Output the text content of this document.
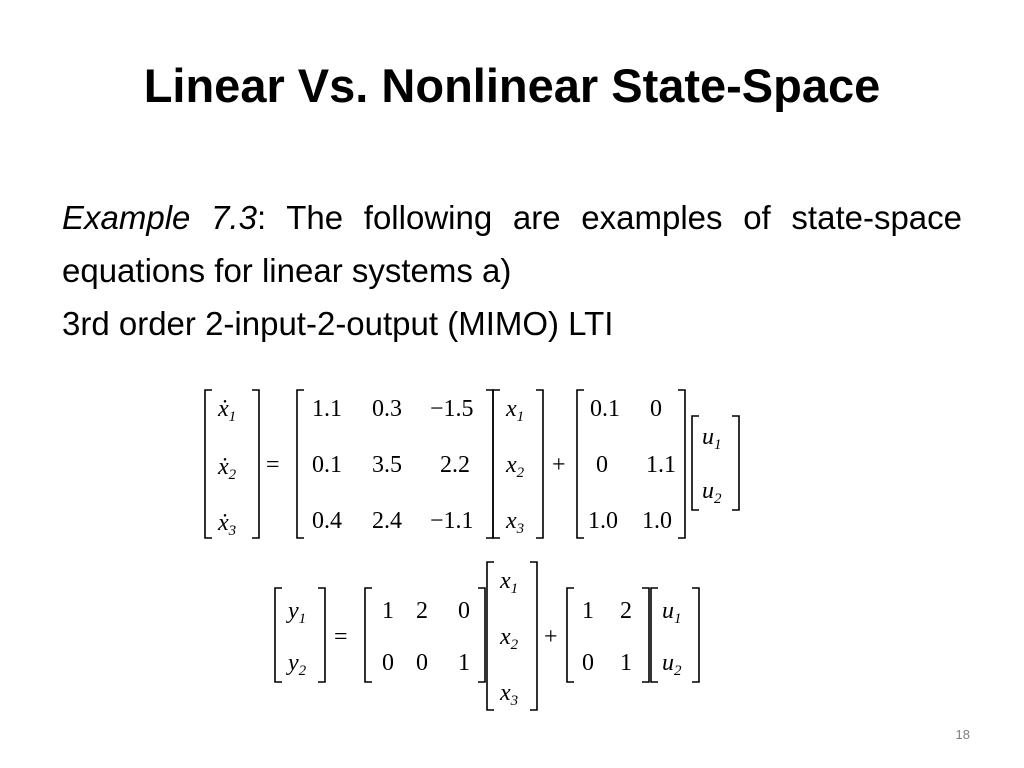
Linear Vs. Nonlinear State-Space
Example 7.3: The following are examples of state-space equations for linear systems a)
3rd order 2-input-2-output (MIMO) LTI
ẋ$_1$
ẋ$_2$
ẋ$_3$
=
1.1 0.3 −1.5
0.1 3.5 2.2
0.4 2.4 −1.1
$x_1$
$x_2$
$x_3$
+
0.1 0
0 1.1
1.0 1.0
$u_1$
$u_2$
$y_1$
$y_2$
=
1 2 0
0 0 1
$x_1$
$x_2$
$x_3$
+
1 2
0 1
$u_1$
$u_2$
18
